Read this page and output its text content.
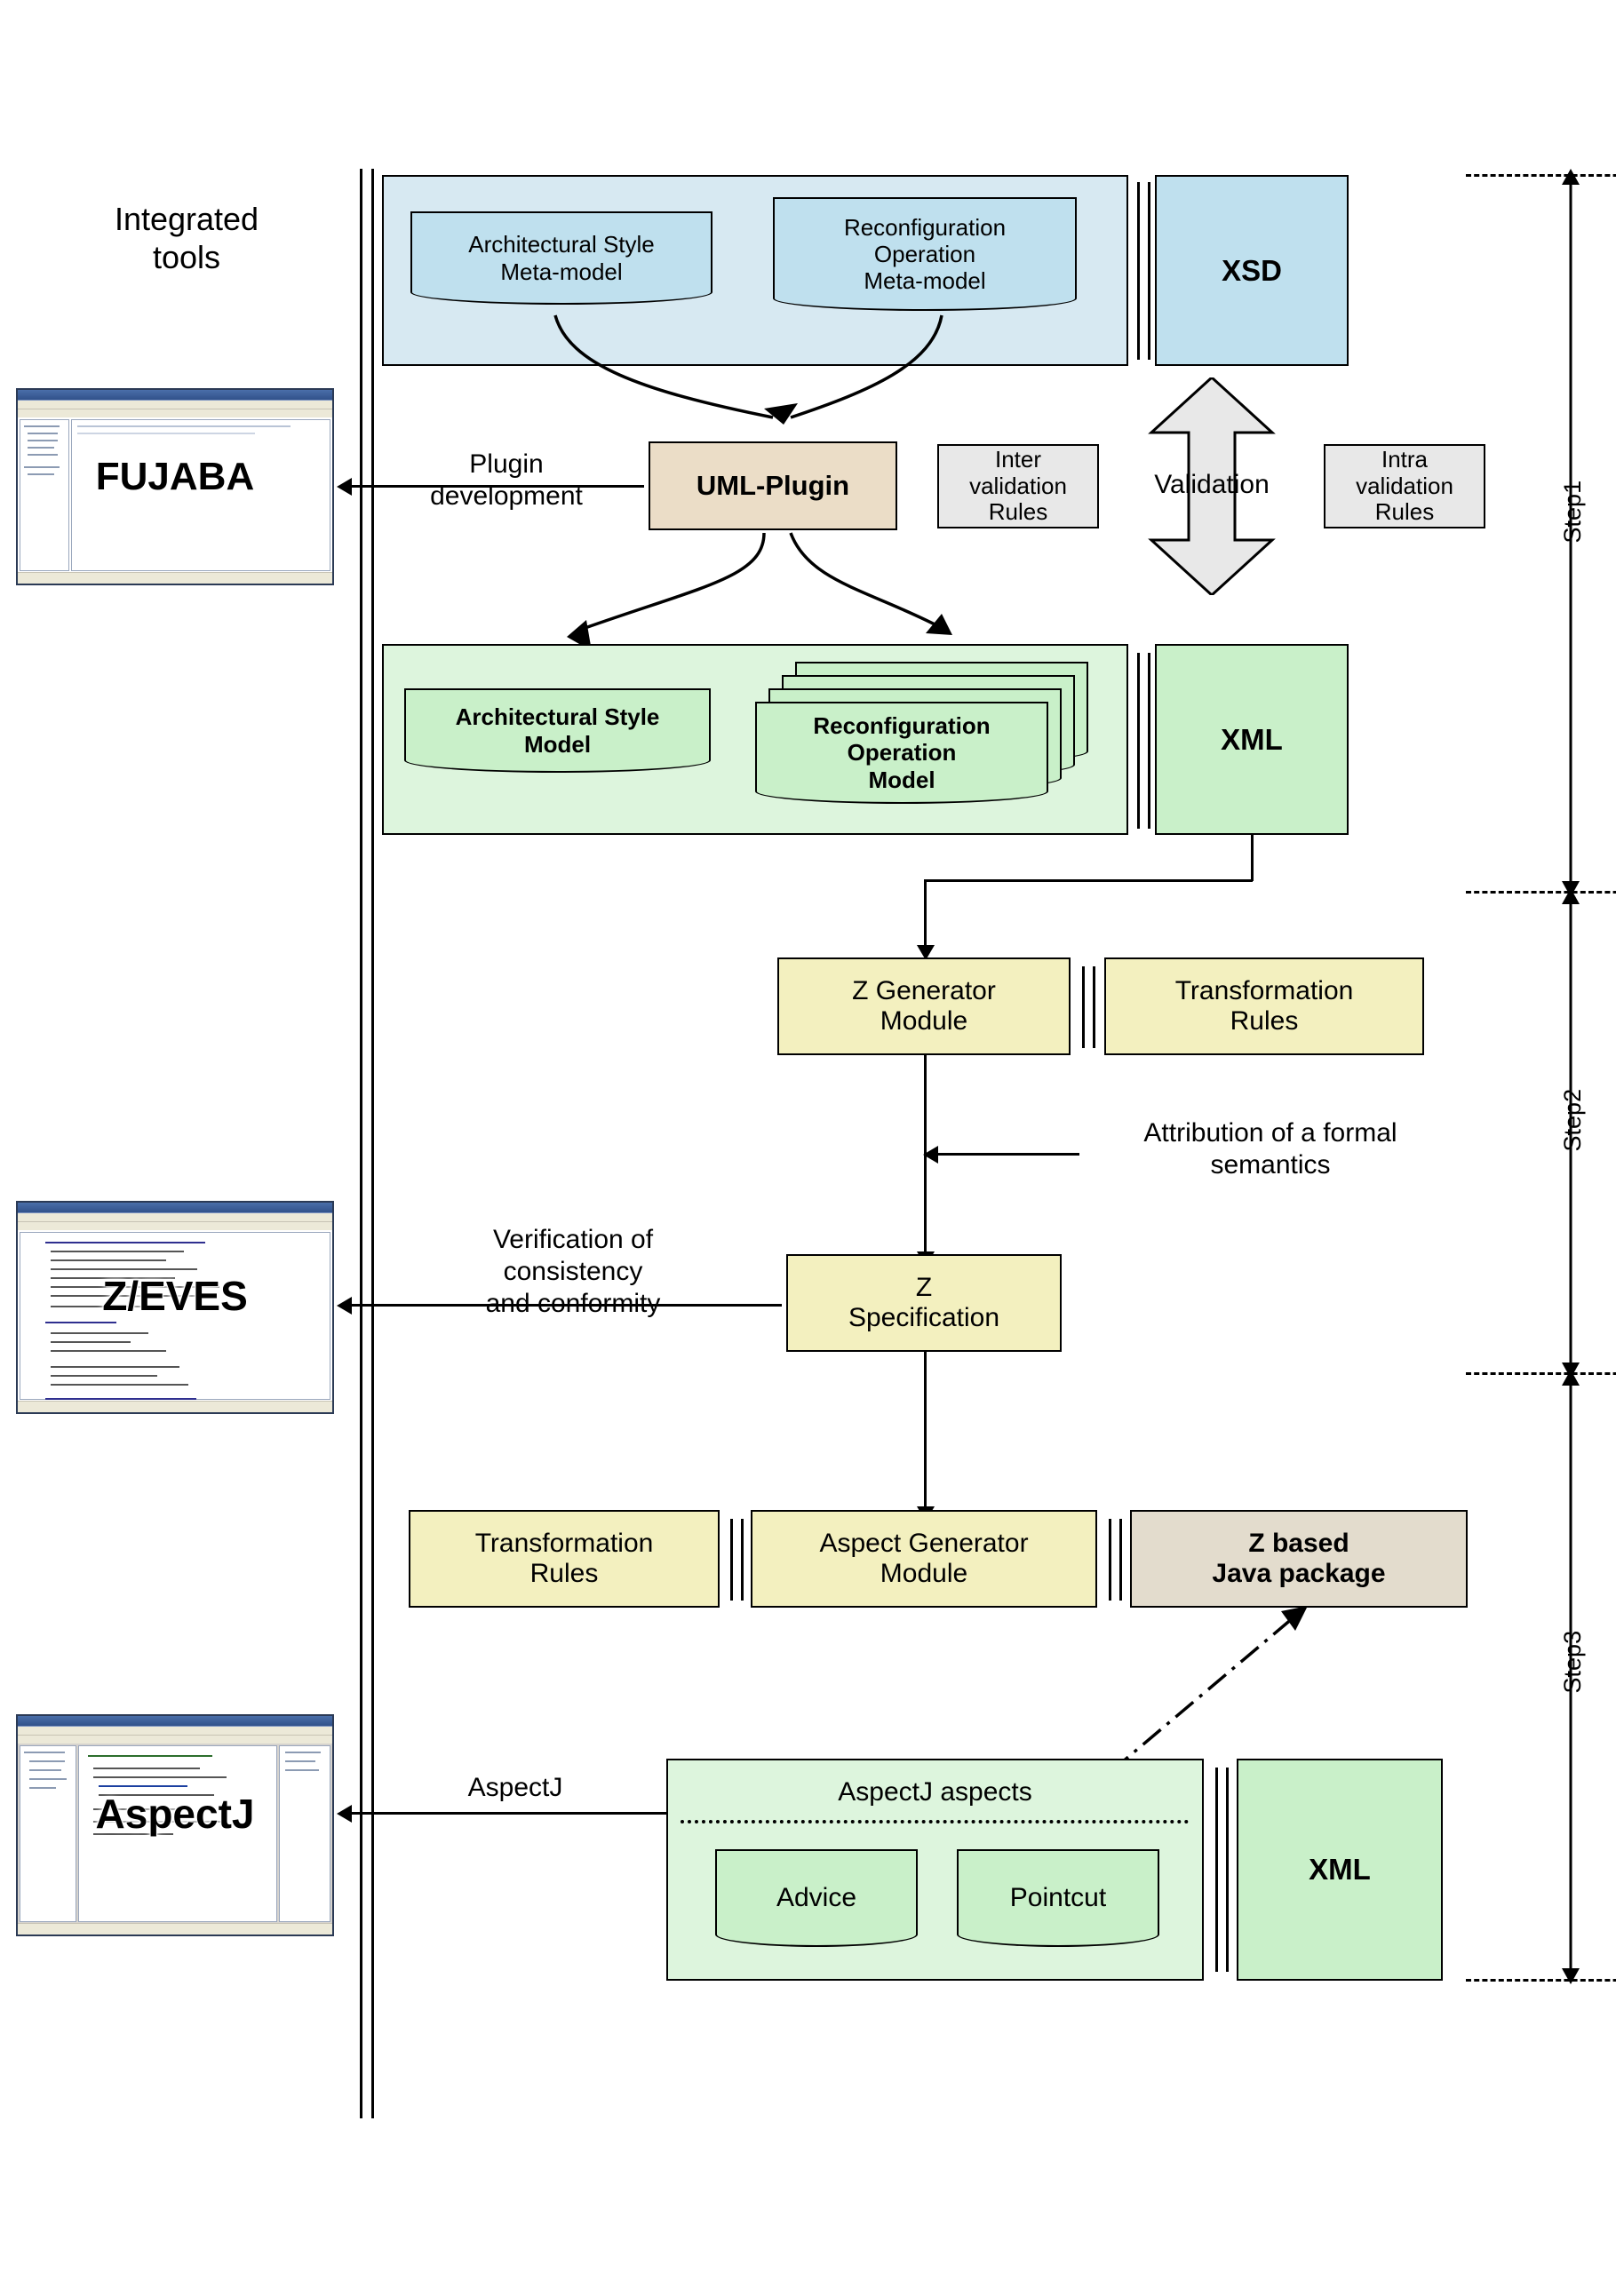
Integrated
tools	Architectural Style
Meta-model
Reconfiguration
Operation
Meta-model	XSD
UML-Plugin
Plugin
development
Inter
validation
Rules
Validation
Intra
validation
Rules
Architectural Style
Model
Reconfiguration
Operation
Model
XML
Z Generator
Module
Transformation
Rules
Attribution of a formal
semantics
Z
Specification
Verification of
consistency
and conformity
Transformation
Rules
Aspect Generator
Module
Z based
Java package
AspectJ aspects
Advice	Pointcut
XML
AspectJ
Step1
Step2
Step3
FUJABA
Z/EVES
AspectJ
